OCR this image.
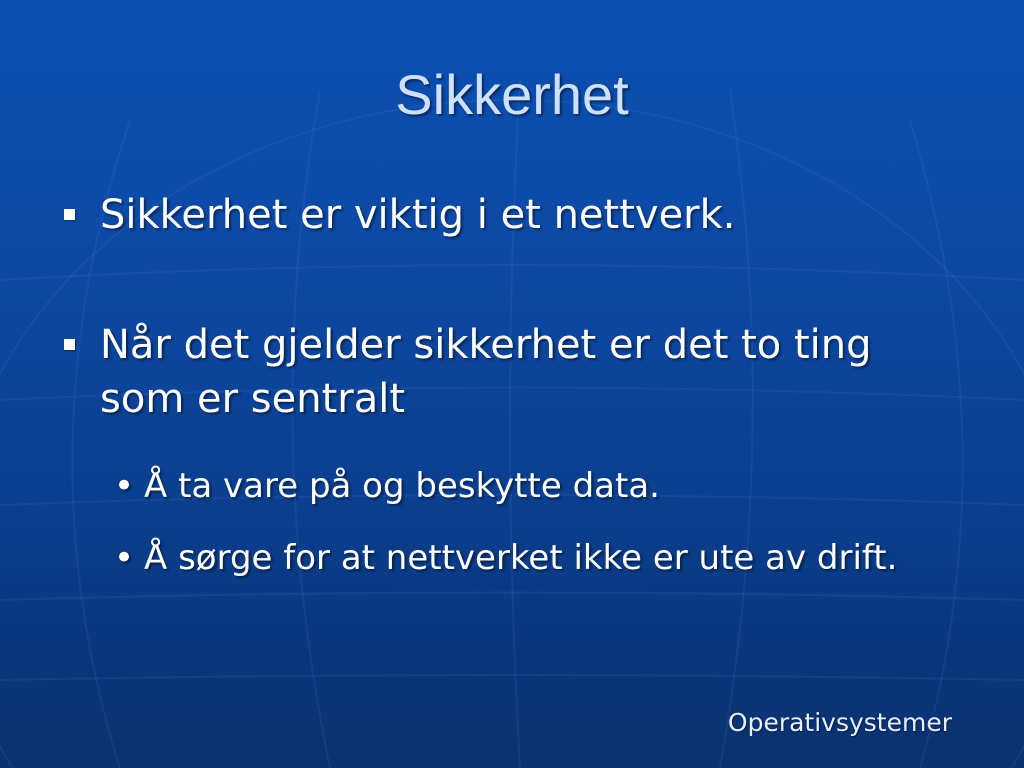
Sikkerhet
Sikkerhet er viktig i et nettverk.
Når det gjelder sikkerhet er det to ting som er sentralt
• Å ta vare på og beskytte data.
• Å sørge for at nettverket ikke er ute av drift.
Operativsystemer
